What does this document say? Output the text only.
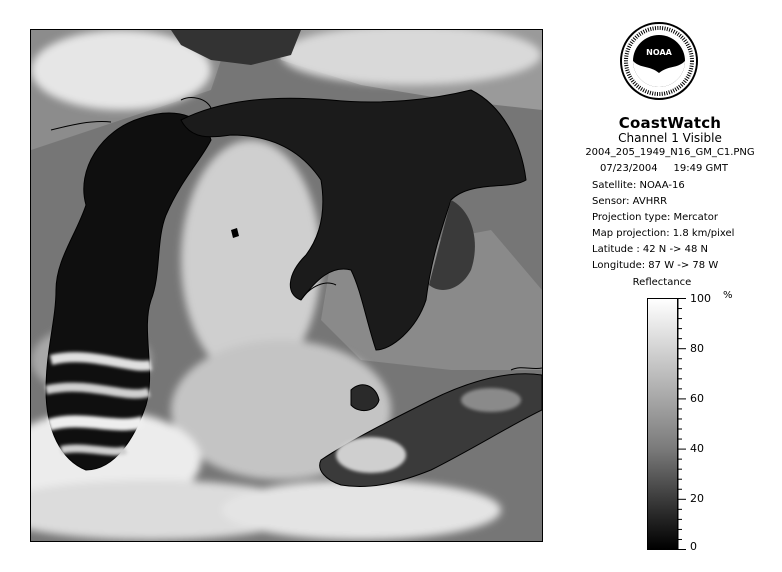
NOAA
CoastWatch
Channel 1 Visible
2004_205_1949_N16_GM_C1.PNG
07/23/2004     19:49 GMT
Satellite: NOAA-16
Sensor: AVHRR
Projection type: Mercator
Map projection: 1.8 km/pixel
Latitude : 42 N -> 48 N
Longitude: 87 W -> 78 W
Reflectance
100
80
60
40
20
0
%
